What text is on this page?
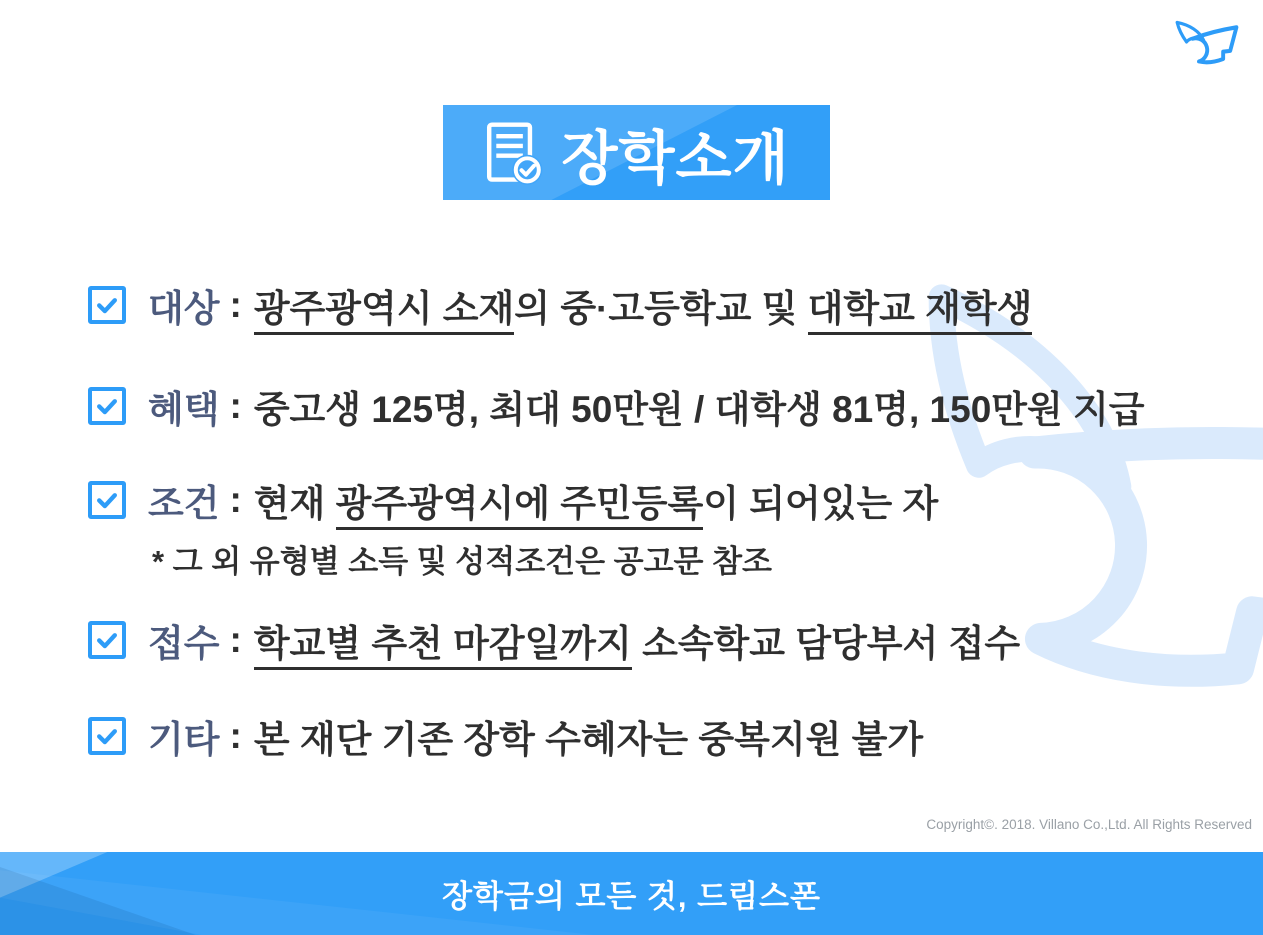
장학소개
대상 : 광주광역시 소재의 중·고등학교 및 대학교 재학생
혜택 : 중고생 125명, 최대 50만원 / 대학생 81명, 150만원 지급
조건 : 현재 광주광역시에 주민등록이 되어있는 자
* 그 외 유형별 소득 및 성적조건은 공고문 참조
접수 : 학교별 추천 마감일까지 소속학교 담당부서 접수
기타 : 본 재단 기존 장학 수혜자는 중복지원 불가
Copyright©. 2018. Villano Co.,Ltd. All Rights Reserved
장학금의 모든 것, 드림스폰
